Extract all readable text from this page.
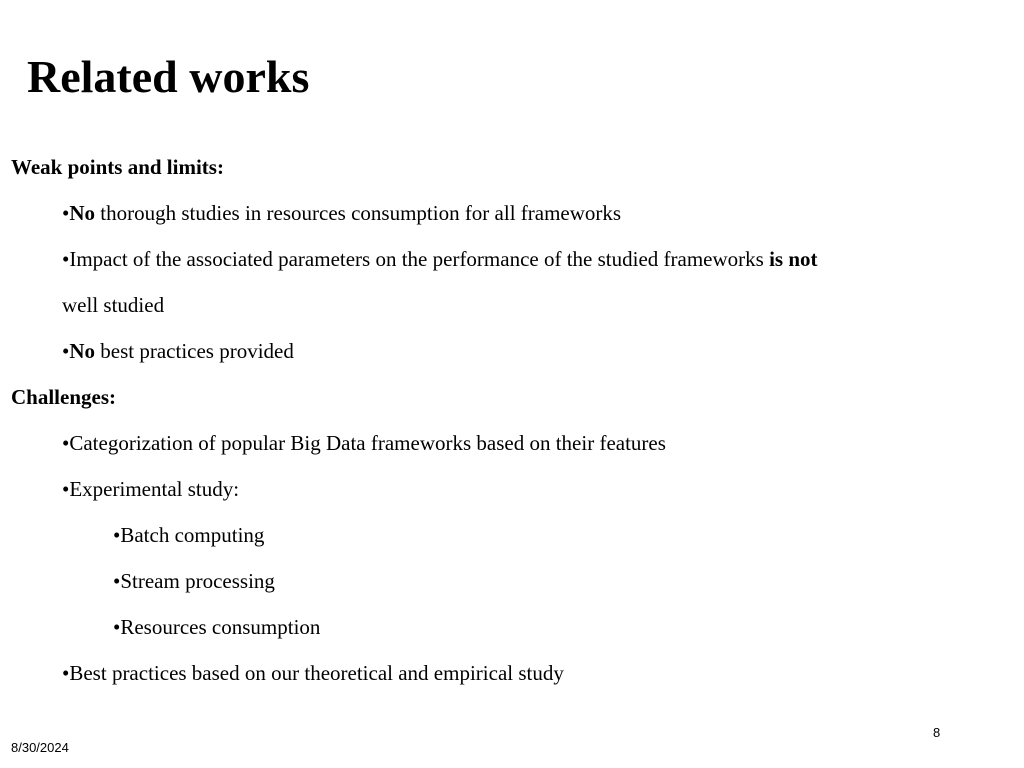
Related works
Weak points and limits:
•No thorough studies in resources consumption for all frameworks
•Impact of the associated parameters on the performance of the studied frameworks is not
well studied
•No best practices provided
Challenges:
•Categorization of popular Big Data frameworks based on their features
•Experimental study:
•Batch computing
•Stream processing
•Resources consumption
•Best practices based on our theoretical and empirical study
8
8/30/2024
